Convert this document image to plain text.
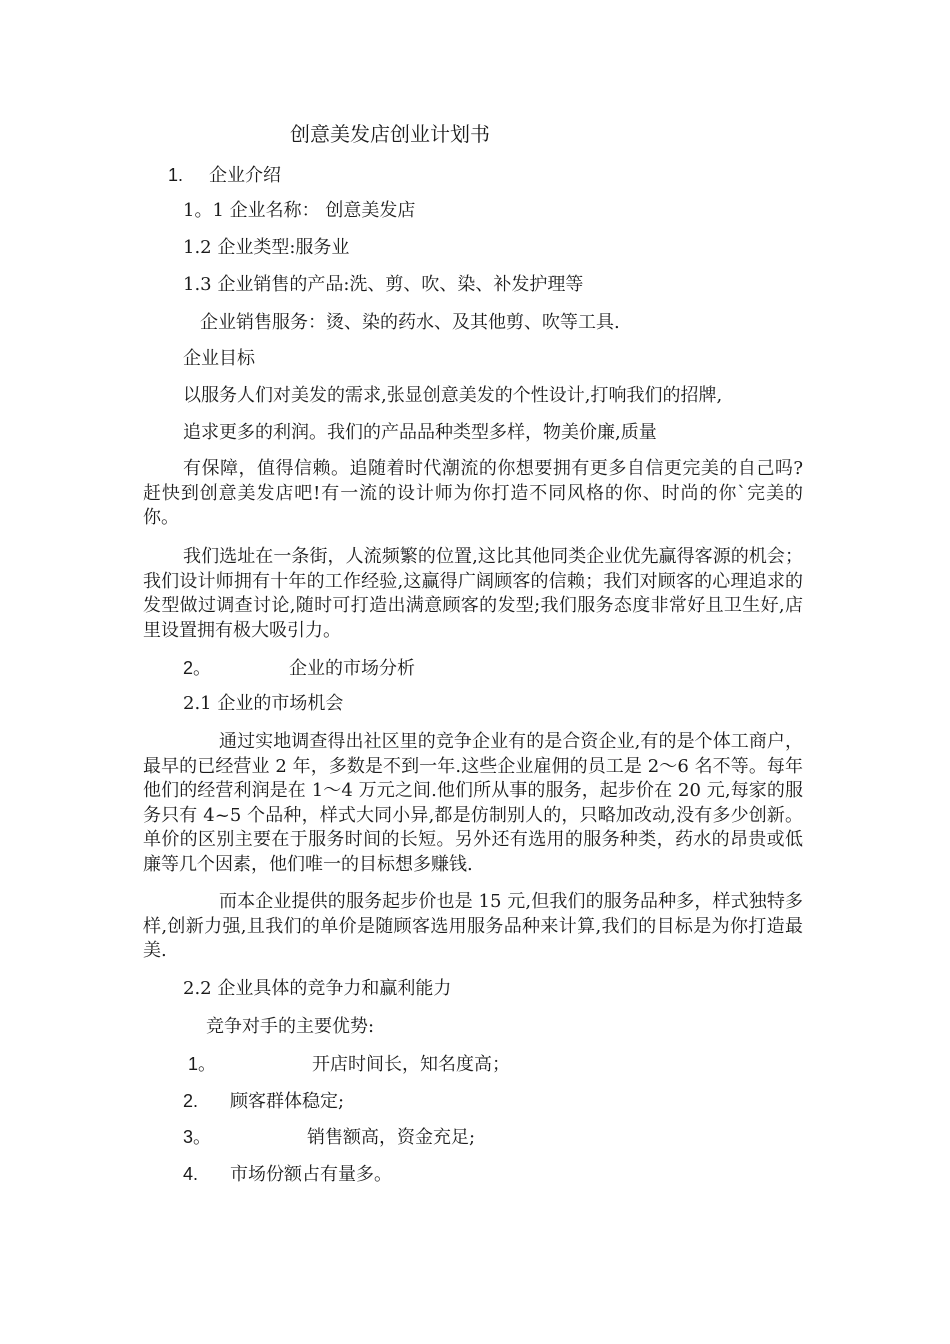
创意美发店创业计划书
1. 企业介绍
1。1 企业名称： 创意美发店
1.2 企业类型:服务业
1.3 企业销售的产品:洗、剪、吹、染、补发护理等
企业销售服务：烫、染的药水、及其他剪、吹等工具.
企业目标
以服务人们对美发的需求,张显创意美发的个性设计,打响我们的招牌,
追求更多的利润。我们的产品品种类型多样，物美价廉,质量
有保障，值得信赖。追随着时代潮流的你想要拥有更多自信更完美的自己吗?赶快到创意美发店吧!有一流的设计师为你打造不同风格的你、时尚的你`完美的你。
我们选址在一条街，人流频繁的位置,这比其他同类企业优先赢得客源的机会；我们设计师拥有十年的工作经验,这赢得广阔顾客的信赖；我们对顾客的心理追求的发型做过调查讨论,随时可打造出满意顾客的发型;我们服务态度非常好且卫生好,店里设置拥有极大吸引力。
2。	企业的市场分析
2.1 企业的市场机会
通过实地调查得出社区里的竞争企业有的是合资企业,有的是个体工商户，最早的已经营业 2 年，多数是不到一年.这些企业雇佣的员工是 2～6 名不等。每年他们的经营利润是在 1～4 万元之间.他们所从事的服务，起步价在 20 元,每家的服务只有 4~5 个品种，样式大同小异,都是仿制别人的，只略加改动,没有多少创新。单价的区别主要在于服务时间的长短。另外还有选用的服务种类，药水的昂贵或低廉等几个因素，他们唯一的目标想多赚钱.
而本企业提供的服务起步价也是 15 元,但我们的服务品种多，样式独特多样,创新力强,且我们的单价是随顾客选用服务品种来计算,我们的目标是为你打造最美.
2.2 企业具体的竞争力和赢利能力
竞争对手的主要优势:
1。	开店时间长，知名度高；
2. 顾客群体稳定;
3。	销售额高，资金充足;
4. 市场份额占有量多。
